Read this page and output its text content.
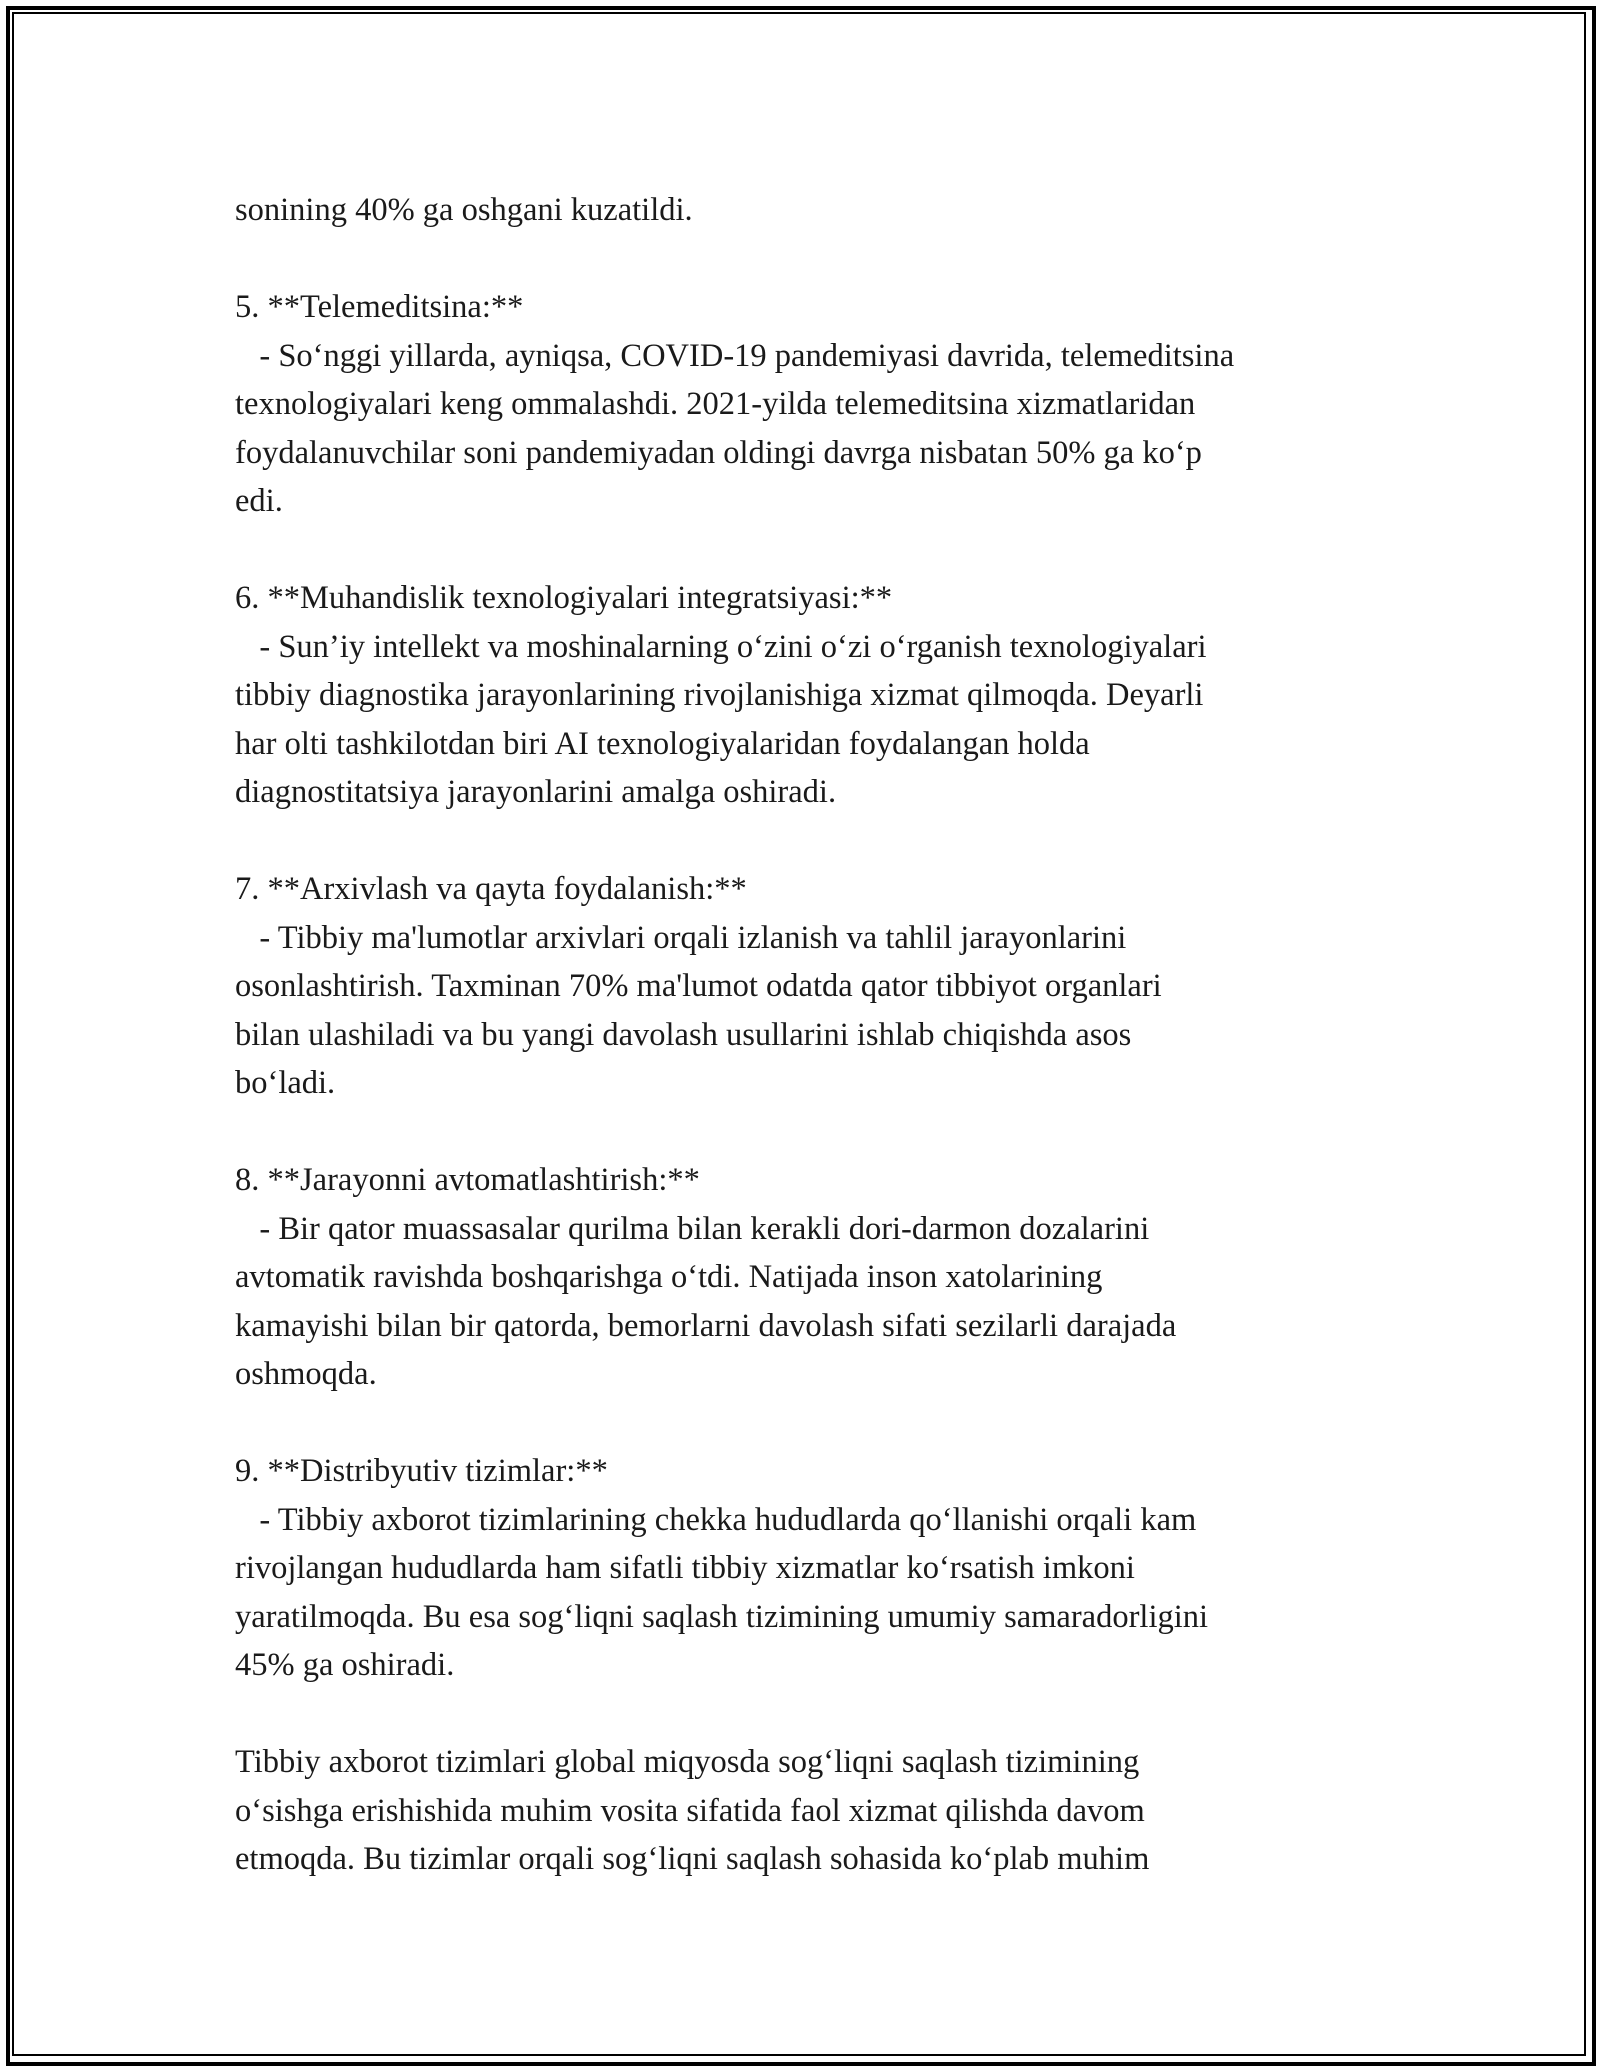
sonining 40% ga oshgani kuzatildi.
5. **Telemeditsina:**
- So‘nggi yillarda, ayniqsa, COVID-19 pandemiyasi davrida, telemeditsina
texnologiyalari keng ommalashdi. 2021-yilda telemeditsina xizmatlaridan
foydalanuvchilar soni pandemiyadan oldingi davrga nisbatan 50% ga ko‘p
edi.
6. **Muhandislik texnologiyalari integratsiyasi:**
- Sun’iy intellekt va moshinalarning o‘zini o‘zi o‘rganish texnologiyalari
tibbiy diagnostika jarayonlarining rivojlanishiga xizmat qilmoqda. Deyarli
har olti tashkilotdan biri AI texnologiyalaridan foydalangan holda
diagnostitatsiya jarayonlarini amalga oshiradi.
7. **Arxivlash va qayta foydalanish:**
- Tibbiy ma'lumotlar arxivlari orqali izlanish va tahlil jarayonlarini
osonlashtirish. Taxminan 70% ma'lumot odatda qator tibbiyot organlari
bilan ulashiladi va bu yangi davolash usullarini ishlab chiqishda asos
bo‘ladi.
8. **Jarayonni avtomatlashtirish:**
- Bir qator muassasalar qurilma bilan kerakli dori-darmon dozalarini
avtomatik ravishda boshqarishga o‘tdi. Natijada inson xatolarining
kamayishi bilan bir qatorda, bemorlarni davolash sifati sezilarli darajada
oshmoqda.
9. **Distribyutiv tizimlar:**
- Tibbiy axborot tizimlarining chekka hududlarda qo‘llanishi orqali kam
rivojlangan hududlarda ham sifatli tibbiy xizmatlar ko‘rsatish imkoni
yaratilmoqda. Bu esa sog‘liqni saqlash tizimining umumiy samaradorligini
45% ga oshiradi.
Tibbiy axborot tizimlari global miqyosda sog‘liqni saqlash tizimining
o‘sishga erishishida muhim vosita sifatida faol xizmat qilishda davom
etmoqda. Bu tizimlar orqali sog‘liqni saqlash sohasida ko‘plab muhim
